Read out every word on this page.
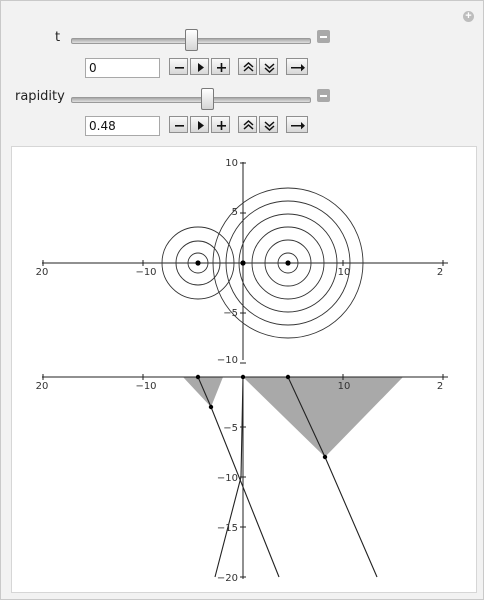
+
t
0
rapidity
0.48
20	−10	10	2
10
5
−5
−10
20	−10	10	2
−5
−10
−15
−20
